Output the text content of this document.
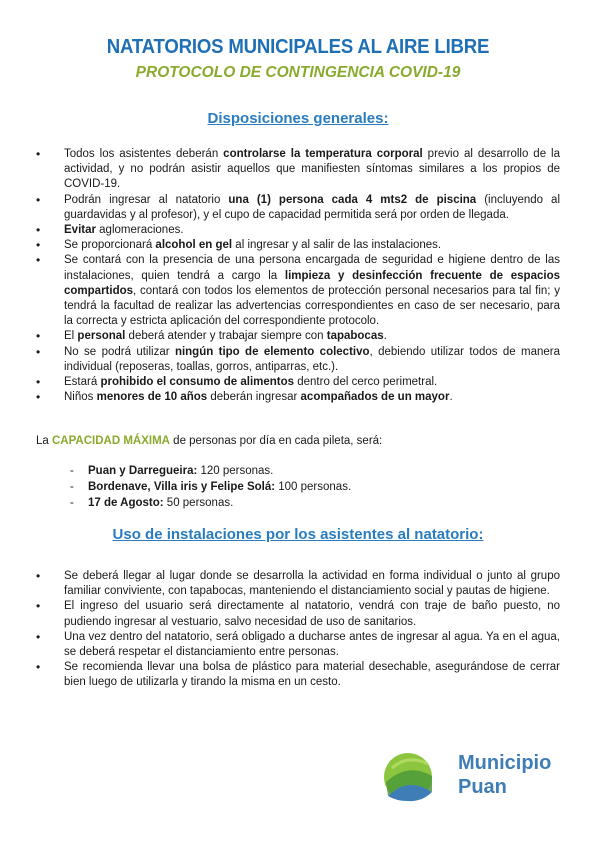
NATATORIOS MUNICIPALES AL AIRE LIBRE
PROTOCOLO DE CONTINGENCIA COVID-19
Disposiciones generales:
• Todos los asistentes deberán controlarse la temperatura corporal previo al desarrollo de la actividad, y no podrán asistir aquellos que manifiesten síntomas similares a los propios de COVID-19.
• Podrán ingresar al natatorio una (1) persona cada 4 mts2 de piscina (incluyendo al guardavidas y al profesor), y el cupo de capacidad permitida será por orden de llegada.
• Evitar aglomeraciones.
• Se proporcionará alcohol en gel al ingresar y al salir de las instalaciones.
• Se contará con la presencia de una persona encargada de seguridad e higiene dentro de las instalaciones, quien tendrá a cargo la limpieza y desinfección frecuente de espacios compartidos, contará con todos los elementos de protección personal necesarios para tal fin; y tendrá la facultad de realizar las advertencias correspondientes en caso de ser necesario, para la correcta y estricta aplicación del correspondiente protocolo.
• El personal deberá atender y trabajar siempre con tapabocas.
• No se podrá utilizar ningún tipo de elemento colectivo, debiendo utilizar todos de manera individual (reposeras, toallas, gorros, antiparras, etc.).
• Estará prohibido el consumo de alimentos dentro del cerco perimetral.
• Niños menores de 10 años deberán ingresar acompañados de un mayor.
La CAPACIDAD MÁXIMA de personas por día en cada pileta, será:
- Puan y Darregueira: 120 personas.
- Bordenave, Villa iris y Felipe Solá: 100 personas.
- 17 de Agosto: 50 personas.
Uso de instalaciones por los asistentes al natatorio:
• Se deberá llegar al lugar donde se desarrolla la actividad en forma individual o junto al grupo familiar conviviente, con tapabocas, manteniendo el distanciamiento social y pautas de higiene.
• El ingreso del usuario será directamente al natatorio, vendrá con traje de baño puesto, no pudiendo ingresar al vestuario, salvo necesidad de uso de sanitarios.
• Una vez dentro del natatorio, será obligado a ducharse antes de ingresar al agua. Ya en el agua, se deberá respetar el distanciamiento entre personas.
• Se recomienda llevar una bolsa de plástico para material desechable, asegurándose de cerrar bien luego de utilizarla y tirando la misma en un cesto.
Municipio
Puan
